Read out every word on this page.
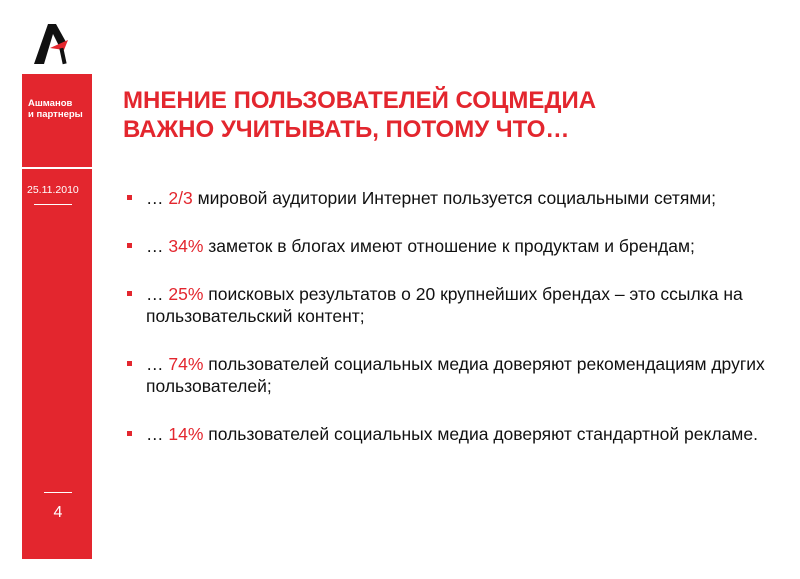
Ашманов
и партнеры
25.11.2010
4
МНЕНИЕ ПОЛЬЗОВАТЕЛЕЙ СОЦМЕДИА
ВАЖНО УЧИТЫВАТЬ, ПОТОМУ ЧТО…
… 2/3 мировой аудитории Интернет пользуется социальными сетями;
… 34% заметок в блогах имеют отношение к продуктам и брендам;
… 25% поисковых результатов о 20 крупнейших брендах – это ссылка на пользовательский контент;
… 74% пользователей социальных медиа доверяют рекомендациям других пользователей;
… 14% пользователей социальных медиа доверяют стандартной рекламе.
